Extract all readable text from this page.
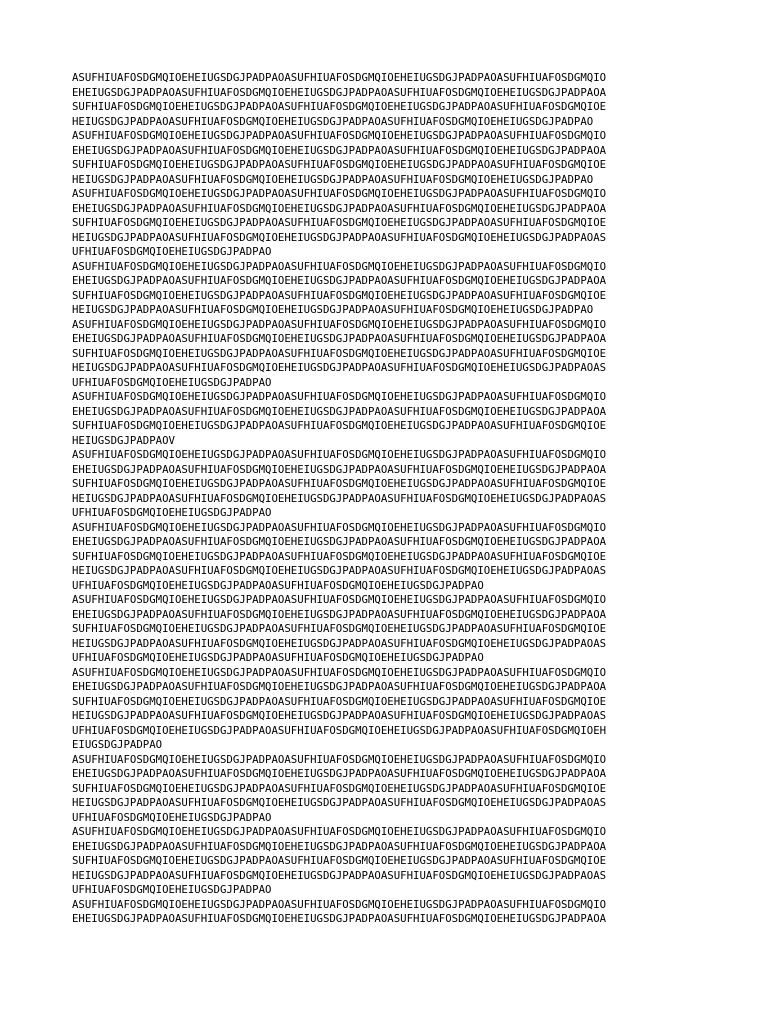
ASUFHIUAFOSDGMQIOEHEIUGSDGJPADPAOASUFHIUAFOSDGMQIOEHEIUGSDGJPADPAOASUFHIUAFOSDGMQIO
EHEIUGSDGJPADPAOASUFHIUAFOSDGMQIOEHEIUGSDGJPADPAOASUFHIUAFOSDGMQIOEHEIUGSDGJPADPAOA
SUFHIUAFOSDGMQIOEHEIUGSDGJPADPAOASUFHIUAFOSDGMQIOEHEIUGSDGJPADPAOASUFHIUAFOSDGMQIOE
HEIUGSDGJPADPAOASUFHIUAFOSDGMQIOEHEIUGSDGJPADPAOASUFHIUAFOSDGMQIOEHEIUGSDGJPADPAO
ASUFHIUAFOSDGMQIOEHEIUGSDGJPADPAOASUFHIUAFOSDGMQIOEHEIUGSDGJPADPAOASUFHIUAFOSDGMQIO
EHEIUGSDGJPADPAOASUFHIUAFOSDGMQIOEHEIUGSDGJPADPAOASUFHIUAFOSDGMQIOEHEIUGSDGJPADPAOA
SUFHIUAFOSDGMQIOEHEIUGSDGJPADPAOASUFHIUAFOSDGMQIOEHEIUGSDGJPADPAOASUFHIUAFOSDGMQIOE
HEIUGSDGJPADPAOASUFHIUAFOSDGMQIOEHEIUGSDGJPADPAOASUFHIUAFOSDGMQIOEHEIUGSDGJPADPAO
ASUFHIUAFOSDGMQIOEHEIUGSDGJPADPAOASUFHIUAFOSDGMQIOEHEIUGSDGJPADPAOASUFHIUAFOSDGMQIO
EHEIUGSDGJPADPAOASUFHIUAFOSDGMQIOEHEIUGSDGJPADPAOASUFHIUAFOSDGMQIOEHEIUGSDGJPADPAOA
SUFHIUAFOSDGMQIOEHEIUGSDGJPADPAOASUFHIUAFOSDGMQIOEHEIUGSDGJPADPAOASUFHIUAFOSDGMQIOE
HEIUGSDGJPADPAOASUFHIUAFOSDGMQIOEHEIUGSDGJPADPAOASUFHIUAFOSDGMQIOEHEIUGSDGJPADPAOAS
UFHIUAFOSDGMQIOEHEIUGSDGJPADPAO
ASUFHIUAFOSDGMQIOEHEIUGSDGJPADPAOASUFHIUAFOSDGMQIOEHEIUGSDGJPADPAOASUFHIUAFOSDGMQIO
EHEIUGSDGJPADPAOASUFHIUAFOSDGMQIOEHEIUGSDGJPADPAOASUFHIUAFOSDGMQIOEHEIUGSDGJPADPAOA
SUFHIUAFOSDGMQIOEHEIUGSDGJPADPAOASUFHIUAFOSDGMQIOEHEIUGSDGJPADPAOASUFHIUAFOSDGMQIOE
HEIUGSDGJPADPAOASUFHIUAFOSDGMQIOEHEIUGSDGJPADPAOASUFHIUAFOSDGMQIOEHEIUGSDGJPADPAO
ASUFHIUAFOSDGMQIOEHEIUGSDGJPADPAOASUFHIUAFOSDGMQIOEHEIUGSDGJPADPAOASUFHIUAFOSDGMQIO
EHEIUGSDGJPADPAOASUFHIUAFOSDGMQIOEHEIUGSDGJPADPAOASUFHIUAFOSDGMQIOEHEIUGSDGJPADPAOA
SUFHIUAFOSDGMQIOEHEIUGSDGJPADPAOASUFHIUAFOSDGMQIOEHEIUGSDGJPADPAOASUFHIUAFOSDGMQIOE
HEIUGSDGJPADPAOASUFHIUAFOSDGMQIOEHEIUGSDGJPADPAOASUFHIUAFOSDGMQIOEHEIUGSDGJPADPAOAS
UFHIUAFOSDGMQIOEHEIUGSDGJPADPAO
ASUFHIUAFOSDGMQIOEHEIUGSDGJPADPAOASUFHIUAFOSDGMQIOEHEIUGSDGJPADPAOASUFHIUAFOSDGMQIO
EHEIUGSDGJPADPAOASUFHIUAFOSDGMQIOEHEIUGSDGJPADPAOASUFHIUAFOSDGMQIOEHEIUGSDGJPADPAOA
SUFHIUAFOSDGMQIOEHEIUGSDGJPADPAOASUFHIUAFOSDGMQIOEHEIUGSDGJPADPAOASUFHIUAFOSDGMQIOE
HEIUGSDGJPADPAOV
ASUFHIUAFOSDGMQIOEHEIUGSDGJPADPAOASUFHIUAFOSDGMQIOEHEIUGSDGJPADPAOASUFHIUAFOSDGMQIO
EHEIUGSDGJPADPAOASUFHIUAFOSDGMQIOEHEIUGSDGJPADPAOASUFHIUAFOSDGMQIOEHEIUGSDGJPADPAOA
SUFHIUAFOSDGMQIOEHEIUGSDGJPADPAOASUFHIUAFOSDGMQIOEHEIUGSDGJPADPAOASUFHIUAFOSDGMQIOE
HEIUGSDGJPADPAOASUFHIUAFOSDGMQIOEHEIUGSDGJPADPAOASUFHIUAFOSDGMQIOEHEIUGSDGJPADPAOAS
UFHIUAFOSDGMQIOEHEIUGSDGJPADPAO
ASUFHIUAFOSDGMQIOEHEIUGSDGJPADPAOASUFHIUAFOSDGMQIOEHEIUGSDGJPADPAOASUFHIUAFOSDGMQIO
EHEIUGSDGJPADPAOASUFHIUAFOSDGMQIOEHEIUGSDGJPADPAOASUFHIUAFOSDGMQIOEHEIUGSDGJPADPAOA
SUFHIUAFOSDGMQIOEHEIUGSDGJPADPAOASUFHIUAFOSDGMQIOEHEIUGSDGJPADPAOASUFHIUAFOSDGMQIOE
HEIUGSDGJPADPAOASUFHIUAFOSDGMQIOEHEIUGSDGJPADPAOASUFHIUAFOSDGMQIOEHEIUGSDGJPADPAOAS
UFHIUAFOSDGMQIOEHEIUGSDGJPADPAOASUFHIUAFOSDGMQIOEHEIUGSDGJPADPAO
ASUFHIUAFOSDGMQIOEHEIUGSDGJPADPAOASUFHIUAFOSDGMQIOEHEIUGSDGJPADPAOASUFHIUAFOSDGMQIO
EHEIUGSDGJPADPAOASUFHIUAFOSDGMQIOEHEIUGSDGJPADPAOASUFHIUAFOSDGMQIOEHEIUGSDGJPADPAOA
SUFHIUAFOSDGMQIOEHEIUGSDGJPADPAOASUFHIUAFOSDGMQIOEHEIUGSDGJPADPAOASUFHIUAFOSDGMQIOE
HEIUGSDGJPADPAOASUFHIUAFOSDGMQIOEHEIUGSDGJPADPAOASUFHIUAFOSDGMQIOEHEIUGSDGJPADPAOAS
UFHIUAFOSDGMQIOEHEIUGSDGJPADPAOASUFHIUAFOSDGMQIOEHEIUGSDGJPADPAO
ASUFHIUAFOSDGMQIOEHEIUGSDGJPADPAOASUFHIUAFOSDGMQIOEHEIUGSDGJPADPAOASUFHIUAFOSDGMQIO
EHEIUGSDGJPADPAOASUFHIUAFOSDGMQIOEHEIUGSDGJPADPAOASUFHIUAFOSDGMQIOEHEIUGSDGJPADPAOA
SUFHIUAFOSDGMQIOEHEIUGSDGJPADPAOASUFHIUAFOSDGMQIOEHEIUGSDGJPADPAOASUFHIUAFOSDGMQIOE
HEIUGSDGJPADPAOASUFHIUAFOSDGMQIOEHEIUGSDGJPADPAOASUFHIUAFOSDGMQIOEHEIUGSDGJPADPAOAS
UFHIUAFOSDGMQIOEHEIUGSDGJPADPAOASUFHIUAFOSDGMQIOEHEIUGSDGJPADPAOASUFHIUAFOSDGMQIOEH
EIUGSDGJPADPAO
ASUFHIUAFOSDGMQIOEHEIUGSDGJPADPAOASUFHIUAFOSDGMQIOEHEIUGSDGJPADPAOASUFHIUAFOSDGMQIO
EHEIUGSDGJPADPAOASUFHIUAFOSDGMQIOEHEIUGSDGJPADPAOASUFHIUAFOSDGMQIOEHEIUGSDGJPADPAOA
SUFHIUAFOSDGMQIOEHEIUGSDGJPADPAOASUFHIUAFOSDGMQIOEHEIUGSDGJPADPAOASUFHIUAFOSDGMQIOE
HEIUGSDGJPADPAOASUFHIUAFOSDGMQIOEHEIUGSDGJPADPAOASUFHIUAFOSDGMQIOEHEIUGSDGJPADPAOAS
UFHIUAFOSDGMQIOEHEIUGSDGJPADPAO
ASUFHIUAFOSDGMQIOEHEIUGSDGJPADPAOASUFHIUAFOSDGMQIOEHEIUGSDGJPADPAOASUFHIUAFOSDGMQIO
EHEIUGSDGJPADPAOASUFHIUAFOSDGMQIOEHEIUGSDGJPADPAOASUFHIUAFOSDGMQIOEHEIUGSDGJPADPAOA
SUFHIUAFOSDGMQIOEHEIUGSDGJPADPAOASUFHIUAFOSDGMQIOEHEIUGSDGJPADPAOASUFHIUAFOSDGMQIOE
HEIUGSDGJPADPAOASUFHIUAFOSDGMQIOEHEIUGSDGJPADPAOASUFHIUAFOSDGMQIOEHEIUGSDGJPADPAOAS
UFHIUAFOSDGMQIOEHEIUGSDGJPADPAO
ASUFHIUAFOSDGMQIOEHEIUGSDGJPADPAOASUFHIUAFOSDGMQIOEHEIUGSDGJPADPAOASUFHIUAFOSDGMQIO
EHEIUGSDGJPADPAOASUFHIUAFOSDGMQIOEHEIUGSDGJPADPAOASUFHIUAFOSDGMQIOEHEIUGSDGJPADPAOA
